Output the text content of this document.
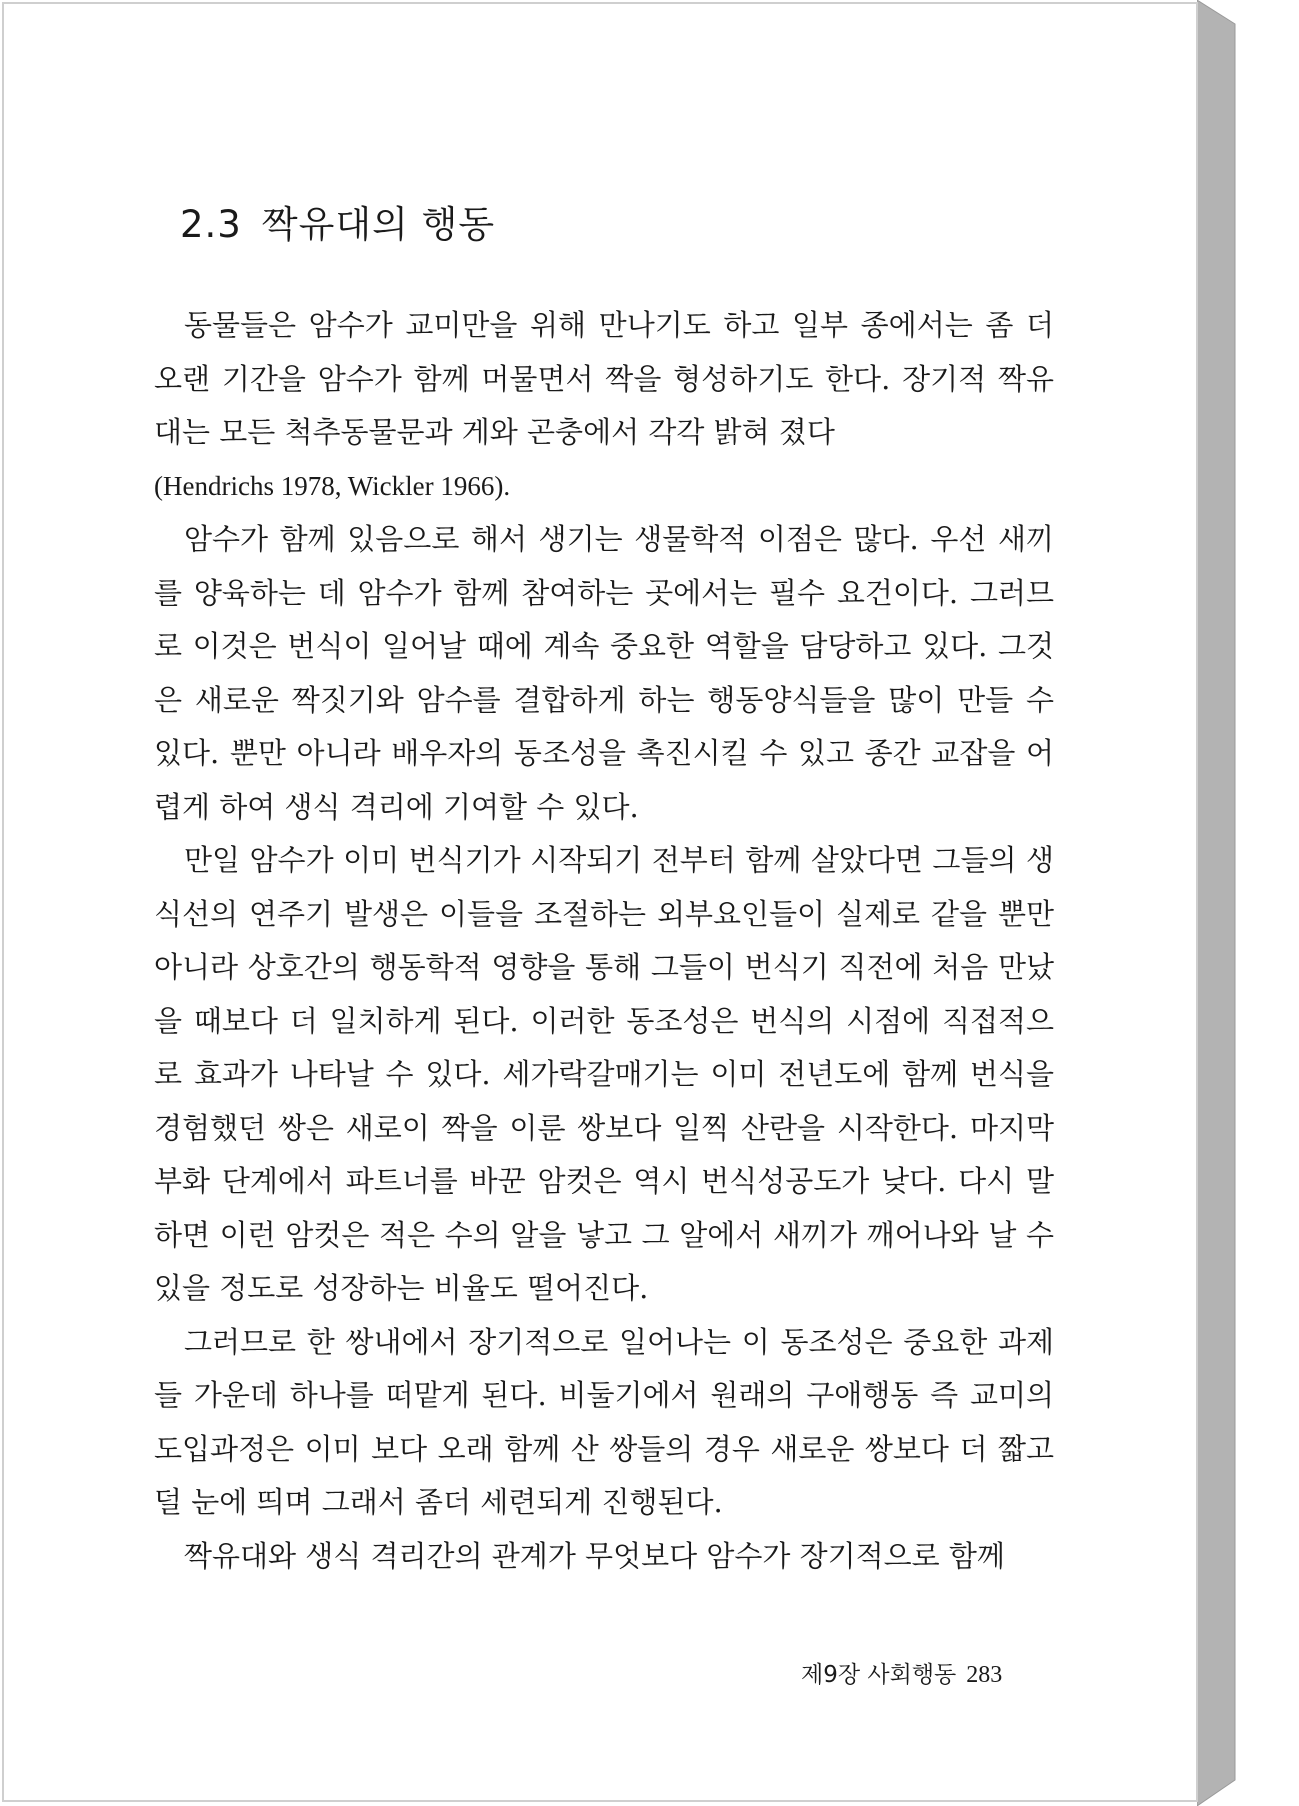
2.3 짝유대의 행동

동물들은 암수가 교미만을 위해 만나기도 하고 일부 종에서는 좀 더 오랜 기간을 암수가 함께 머물면서 짝을 형성하기도 한다. 장기적 짝유대는 모든 척추동물문과 게와 곤충에서 각각 밝혀 졌다

(Hendrichs 1978, Wickler 1966).

암수가 함께 있음으로 해서 생기는 생물학적 이점은 많다. 우선 새끼를 양육하는 데 암수가 함께 참여하는 곳에서는 필수 요건이다. 그러므로 이것은 번식이 일어날 때에 계속 중요한 역할을 담당하고 있다. 그것은 새로운 짝짓기와 암수를 결합하게 하는 행동양식들을 많이 만들 수 있다. 뿐만 아니라 배우자의 동조성을 촉진시킬 수 있고 종간 교잡을 어렵게 하여 생식 격리에 기여할 수 있다.

만일 암수가 이미 번식기가 시작되기 전부터 함께 살았다면 그들의 생식선의 연주기 발생은 이들을 조절하는 외부요인들이 실제로 같을 뿐만 아니라 상호간의 행동학적 영향을 통해 그들이 번식기 직전에 처음 만났을 때보다 더 일치하게 된다. 이러한 동조성은 번식의 시점에 직접적으로 효과가 나타날 수 있다. 세가락갈매기는 이미 전년도에 함께 번식을 경험했던 쌍은 새로이 짝을 이룬 쌍보다 일찍 산란을 시작한다. 마지막 부화 단계에서 파트너를 바꾼 암컷은 역시 번식성공도가 낮다. 다시 말하면 이런 암컷은 적은 수의 알을 낳고 그 알에서 새끼가 깨어나와 날 수 있을 정도로 성장하는 비율도 떨어진다.

그러므로 한 쌍내에서 장기적으로 일어나는 이 동조성은 중요한 과제들 가운데 하나를 떠맡게 된다. 비둘기에서 원래의 구애행동 즉 교미의 도입과정은 이미 보다 오래 함께 산 쌍들의 경우 새로운 쌍보다 더 짧고 덜 눈에 띄며 그래서 좀더 세련되게 진행된다.

짝유대와 생식 격리간의 관계가 무엇보다 암수가 장기적으로 함께

제9장 사회행동 283
